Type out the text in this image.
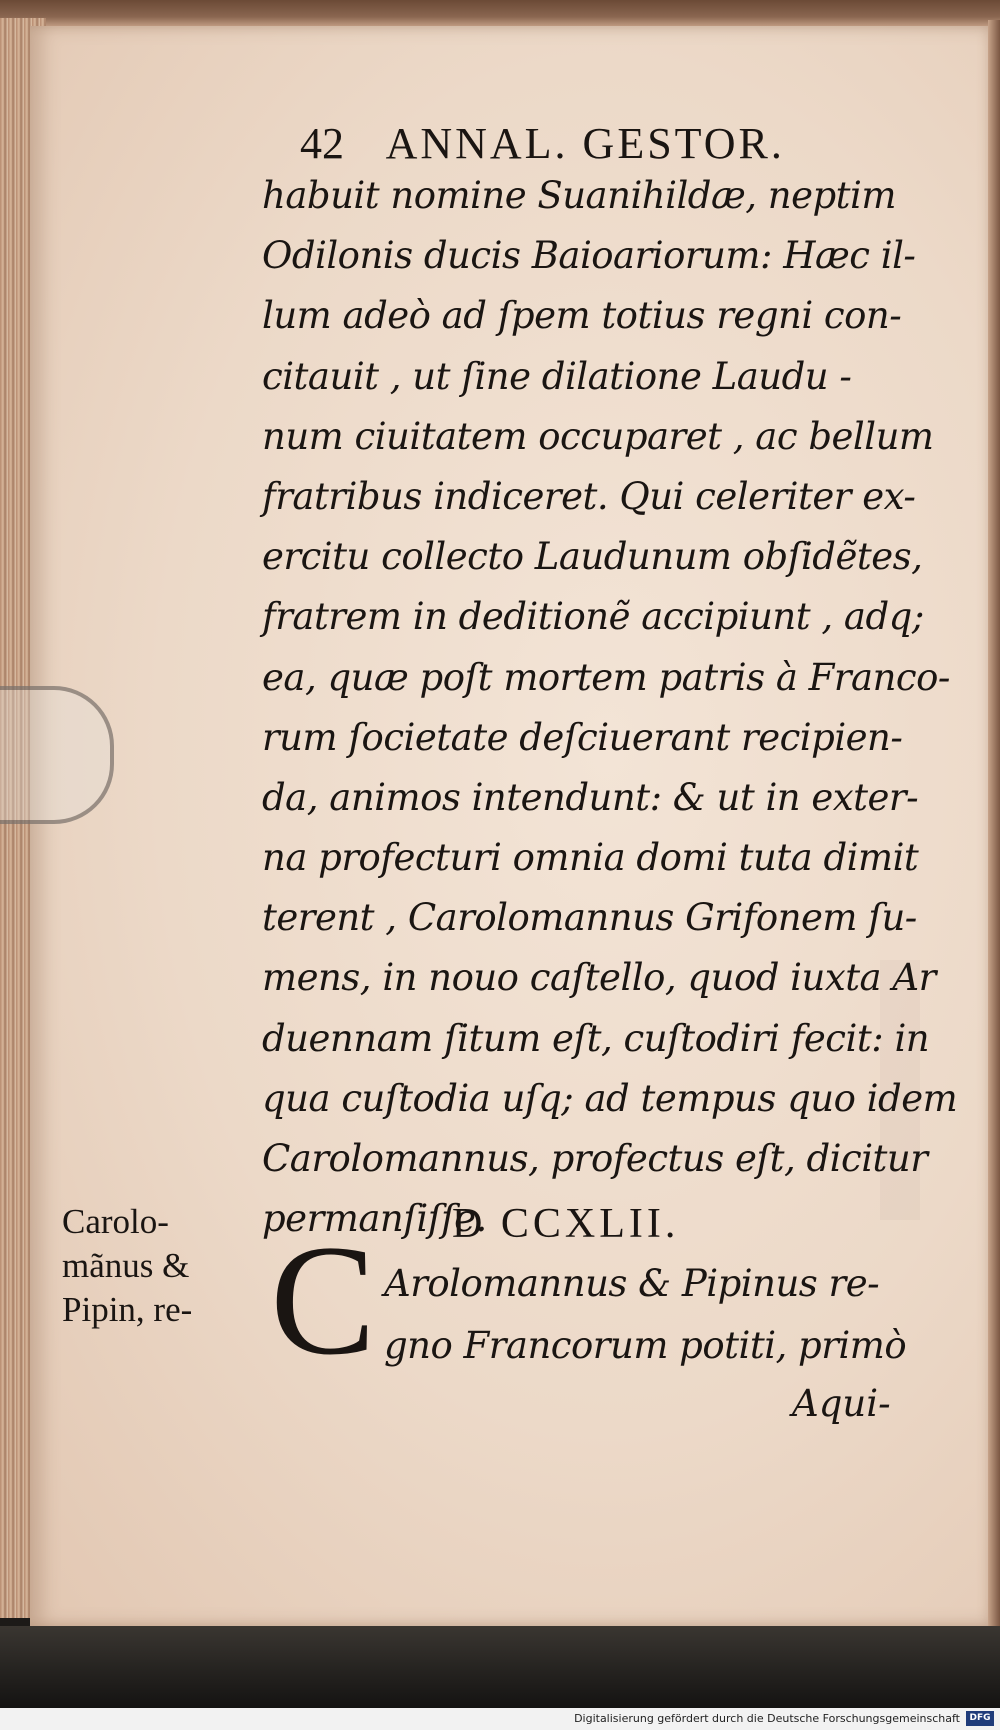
42 ANNAL. GESTOR.
habuit nomine Suanihildæ, neptim
Odilonis ducis Baioariorum: Hæc il-
lum adeò ad ſpem totius regni con-
citauit , ut ſine dilatione Laudu -
num ciuitatem occuparet , ac bellum
fratribus indiceret. Qui celeriter ex-
ercitu collecto Laudunum obſidẽtes,
fratrem in deditionẽ accipiunt , adq;
ea, quæ poſt mortem patris à Franco-
rum ſocietate deſciuerant recipien-
da, animos intendunt: & ut in exter-
na profecturi omnia domi tuta dimit
terent , Carolomannus Grifonem ſu-
mens, in nouo caſtello, quod iuxta Ar
duennam ſitum eſt, cuſtodiri fecit: in
qua cuſtodia uſq; ad tempus quo idem
Carolomannus, profectus eſt, dicitur
permanſiſſe.
Carolo-
mãnus &
Pipin, re-
D CCXLII.
C Arolomannus & Pipinus re-
gno Francorum potiti, primò
Aqui-
Digitalisierung gefördert durch die Deutsche Forschungsgemeinschaft	DFG
